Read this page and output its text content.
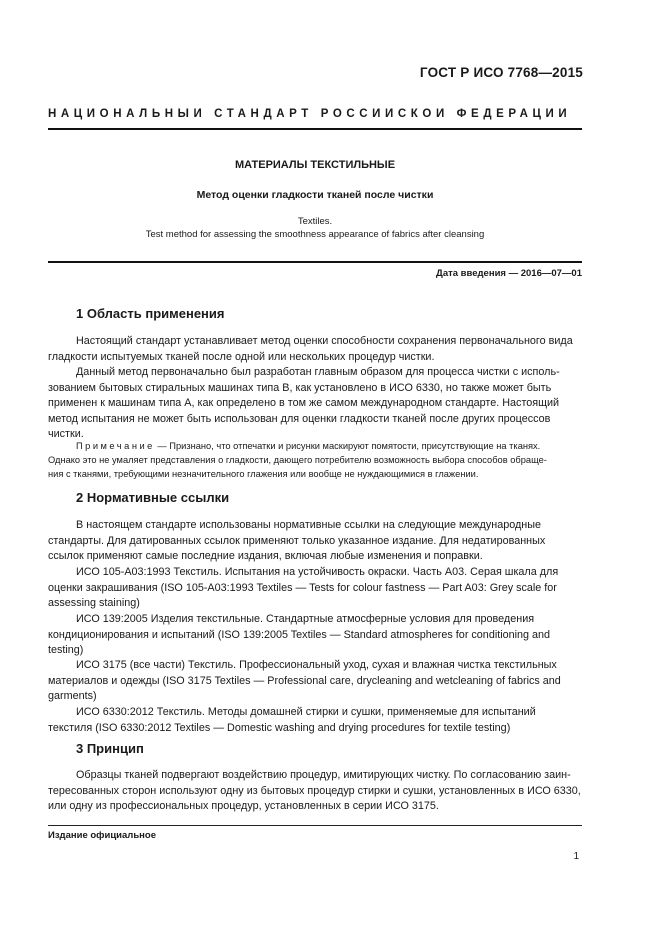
ГОСТ Р ИСО 7768—2015
НАЦИОНАЛЬНЫЙ СТАНДАРТ РОССИЙСКОЙ ФЕДЕРАЦИИ
МАТЕРИАЛЫ ТЕКСТИЛЬНЫЕ
Метод оценки гладкости тканей после чистки
Textiles.
Test method for assessing the smoothness appearance of fabrics after cleansing
Дата введения — 2016—07—01
1 Область применения
Настоящий стандарт устанавливает метод оценки способности сохранения первоначального вида
гладкости испытуемых тканей после одной или нескольких процедур чистки.
Данный метод первоначально был разработан главным образом для процесса чистки с исполь-
зованием бытовых стиральных машинах типа В, как установлено в ИСО 6330, но также может быть
применен к машинам типа А, как определено в том же самом международном стандарте. Настоящий
метод испытания не может быть использован для оценки гладкости тканей после других процессов
чистки.
Примечание — Признано, что отпечатки и рисунки маскируют помятости, присутствующие на тканях.
Однако это не умаляет представления о гладкости, дающего потребителю возможность выбора способов обраще-
ния с тканями, требующими незначительного глажения или вообще не нуждающимися в глажении.
2 Нормативные ссылки
В настоящем стандарте использованы нормативные ссылки на следующие международные
стандарты. Для датированных ссылок применяют только указанное издание. Для недатированных
ссылок применяют самые последние издания, включая любые изменения и поправки.
ИСО 105-А03:1993 Текстиль. Испытания на устойчивость окраски. Часть А03. Серая шкала для
оценки закрашивания (ISO 105-A03:1993 Textiles — Tests for colour fastness — Part A03: Grey scale for
assessing staining)
ИСО 139:2005 Изделия текстильные. Стандартные атмосферные условия для проведения
кондиционирования и испытаний (ISO 139:2005 Textiles — Standard atmospheres for conditioning and
testing)
ИСО 3175 (все части) Текстиль. Профессиональный уход, сухая и влажная чистка текстильных
материалов и одежды (ISO 3175 Textiles — Professional care, drycleaning and wetcleaning of fabrics and
garments)
ИСО 6330:2012 Текстиль. Методы домашней стирки и сушки, применяемые для испытаний
текстиля (ISO 6330:2012 Textiles — Domestic washing and drying procedures for textile testing)
3 Принцип
Образцы тканей подвергают воздействию процедур, имитирующих чистку. По согласованию заин-
тересованных сторон используют одну из бытовых процедур стирки и сушки, установленных в ИСО 6330,
или одну из профессиональных процедур, установленных в серии ИСО 3175.
Издание официальное
1
